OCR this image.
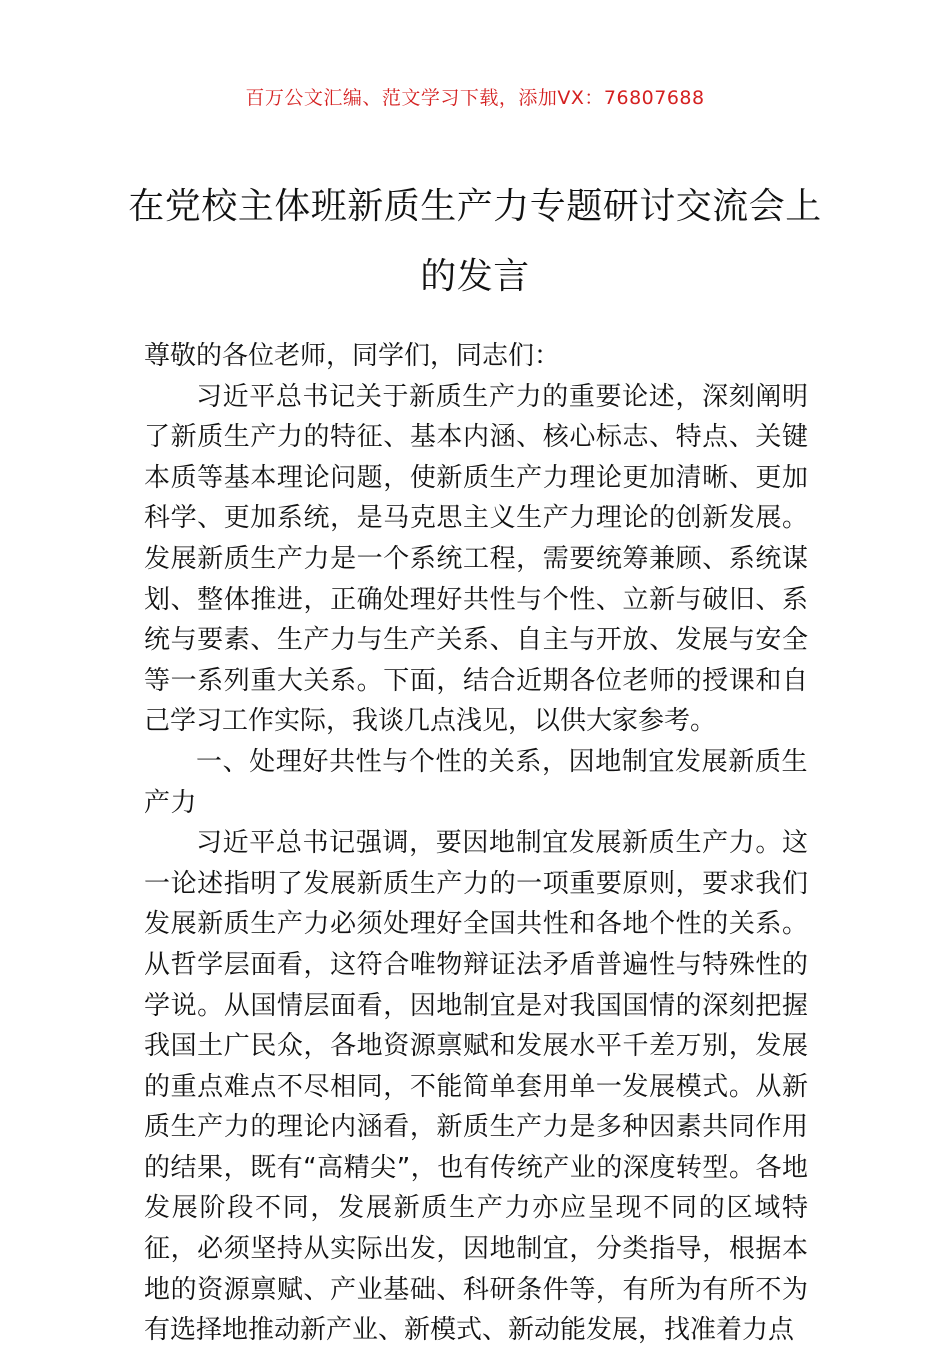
百万公文汇编、范文学习下载，添加VX：76807688
在党校主体班新质生产力专题研讨交流会上的发言

尊敬的各位老师，同学们，同志们：

习近平总书记关于新质生产力的重要论述，深刻阐明了新质生产力的特征、基本内涵、核心标志、特点、关键本质等基本理论问题，使新质生产力理论更加清晰、更加科学、更加系统，是马克思主义生产力理论的创新发展。发展新质生产力是一个系统工程，需要统筹兼顾、系统谋划、整体推进，正确处理好共性与个性、立新与破旧、系统与要素、生产力与生产关系、自主与开放、发展与安全等一系列重大关系。下面，结合近期各位老师的授课和自己学习工作实际，我谈几点浅见，以供大家参考。

一、处理好共性与个性的关系，因地制宜发展新质生产力

习近平总书记强调，要因地制宜发展新质生产力。这一论述指明了发展新质生产力的一项重要原则，要求我们发展新质生产力必须处理好全国共性和各地个性的关系。从哲学层面看，这符合唯物辩证法矛盾普遍性与特殊性的学说。从国情层面看，因地制宜是对我国国情的深刻把握我国土广民众，各地资源禀赋和发展水平千差万别，发展的重点难点不尽相同，不能简单套用单一发展模式。从新质生产力的理论内涵看，新质生产力是多种因素共同作用的结果，既有“高精尖”，也有传统产业的深度转型。各地发展阶段不同，发展新质生产力亦应呈现不同的区域特征，必须坚持从实际出发，因地制宜，分类指导，根据本地的资源禀赋、产业基础、科研条件等，有所为有所不为有选择地推动新产业、新模式、新动能发展，找准着力点
